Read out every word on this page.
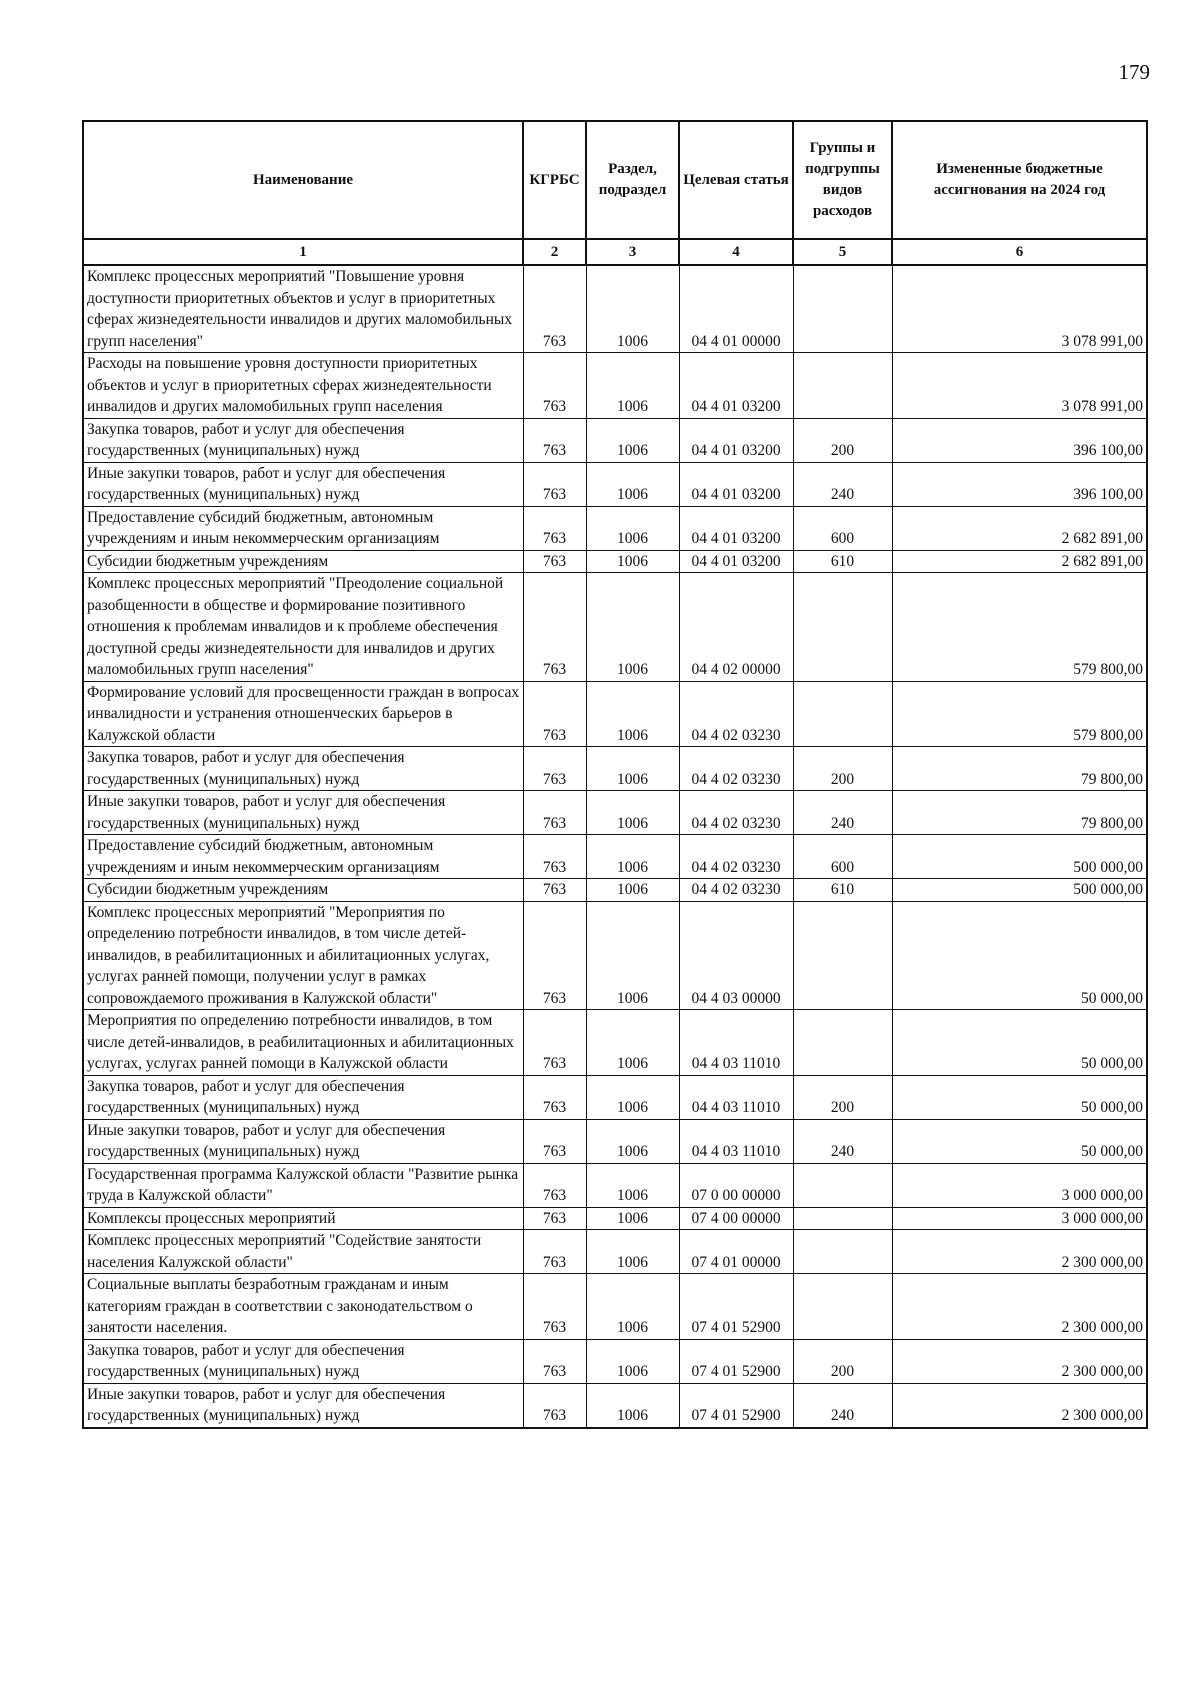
179
Наименование	КГРБС	Раздел, подраздел	Целевая статья	Группы и подгруппы видов расходов	Измененные бюджетные ассигнования на 2024 год
1	2	3	4	5	6
Комплекс процессных мероприятий "Повышение уровня доступности приоритетных объектов и услуг в приоритетных сферах жизнедеятельности инвалидов и других маломобильных групп населения"	763	1006	04 4 01 00000		3 078 991,00
Расходы на повышение уровня доступности приоритетных объектов и услуг в приоритетных сферах жизнедеятельности инвалидов и других маломобильных групп населения	763	1006	04 4 01 03200		3 078 991,00
Закупка товаров, работ и услуг для обеспечения государственных (муниципальных) нужд	763	1006	04 4 01 03200	200	396 100,00
Иные закупки товаров, работ и услуг для обеспечения государственных (муниципальных) нужд	763	1006	04 4 01 03200	240	396 100,00
Предоставление субсидий бюджетным, автономным учреждениям и иным некоммерческим организациям	763	1006	04 4 01 03200	600	2 682 891,00
Субсидии бюджетным учреждениям	763	1006	04 4 01 03200	610	2 682 891,00
Комплекс процессных мероприятий "Преодоление социальной разобщенности в обществе и формирование позитивного отношения к проблемам инвалидов и к проблеме обеспечения доступной среды жизнедеятельности для инвалидов и других маломобильных групп населения"	763	1006	04 4 02 00000		579 800,00
Формирование условий для просвещенности граждан в вопросах инвалидности и устранения отношенческих барьеров в Калужской области	763	1006	04 4 02 03230		579 800,00
Закупка товаров, работ и услуг для обеспечения государственных (муниципальных) нужд	763	1006	04 4 02 03230	200	79 800,00
Иные закупки товаров, работ и услуг для обеспечения государственных (муниципальных) нужд	763	1006	04 4 02 03230	240	79 800,00
Предоставление субсидий бюджетным, автономным учреждениям и иным некоммерческим организациям	763	1006	04 4 02 03230	600	500 000,00
Субсидии бюджетным учреждениям	763	1006	04 4 02 03230	610	500 000,00
Комплекс процессных мероприятий "Мероприятия по определению потребности инвалидов, в том числе детей-инвалидов, в реабилитационных и абилитационных услугах, услугах ранней помощи, получении услуг в рамках сопровождаемого проживания в Калужской области"	763	1006	04 4 03 00000		50 000,00
Мероприятия по определению потребности инвалидов, в том числе детей-инвалидов, в реабилитационных и абилитационных услугах, услугах ранней помощи в Калужской области	763	1006	04 4 03 11010		50 000,00
Закупка товаров, работ и услуг для обеспечения государственных (муниципальных) нужд	763	1006	04 4 03 11010	200	50 000,00
Иные закупки товаров, работ и услуг для обеспечения государственных (муниципальных) нужд	763	1006	04 4 03 11010	240	50 000,00
Государственная программа Калужской области "Развитие рынка труда в Калужской области"	763	1006	07 0 00 00000		3 000 000,00
Комплексы процессных мероприятий	763	1006	07 4 00 00000		3 000 000,00
Комплекс процессных мероприятий "Содействие занятости населения Калужской области"	763	1006	07 4 01 00000		2 300 000,00
Социальные выплаты безработным гражданам и иным категориям граждан в соответствии с законодательством о занятости населения.	763	1006	07 4 01 52900		2 300 000,00
Закупка товаров, работ и услуг для обеспечения государственных (муниципальных) нужд	763	1006	07 4 01 52900	200	2 300 000,00
Иные закупки товаров, работ и услуг для обеспечения государственных (муниципальных) нужд	763	1006	07 4 01 52900	240	2 300 000,00
